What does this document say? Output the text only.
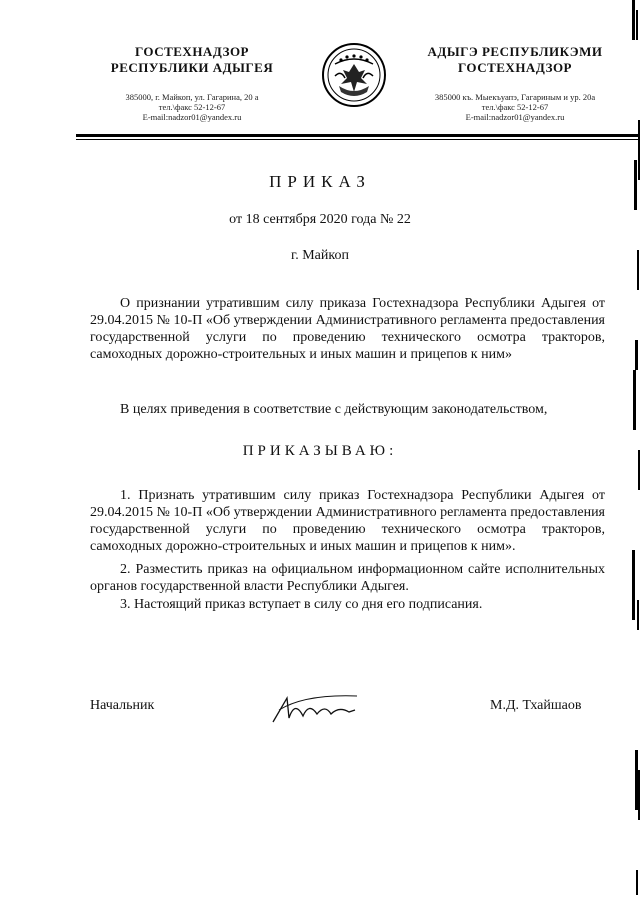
ГОСТЕХНАДЗОР
РЕСПУБЛИКИ АДЫГЕЯ
385000, г. Майкоп, ул. Гагарина, 20 а
тел.\факс 52-12-67
E-mail:nadzor01@yandex.ru
АДЫГЭ РЕСПУБЛИКЭМИ
ГОСТЕХНАДЗОР
385000 къ. Мыекъуапэ, Гагариным и ур. 20а
тел.\факс 52-12-67
E-mail:nadzor01@yandex.ru
ПРИКАЗ
от 18 сентября 2020 года № 22
г. Майкоп
О признании утратившим силу приказа Гостехнадзора Республики Адыгея от 29.04.2015 № 10-П «Об утверждении Административного регламента предоставления государственной услуги по проведению технического осмотра тракторов, самоходных дорожно-строительных и иных машин и прицепов к ним»
В целях приведения в соответствие с действующим законодательством,
ПРИКАЗЫВАЮ:
1. Признать утратившим силу приказ Гостехнадзора Республики Адыгея от 29.04.2015 № 10-П «Об утверждении Административного регламента предоставления государственной услуги по проведению технического осмотра тракторов, самоходных дорожно-строительных и иных машин и прицепов к ним».
2. Разместить приказ на официальном информационном сайте исполнительных органов государственной власти Республики Адыгея.
3. Настоящий приказ вступает в силу со дня его подписания.
Начальник	М.Д. Тхайшаов
